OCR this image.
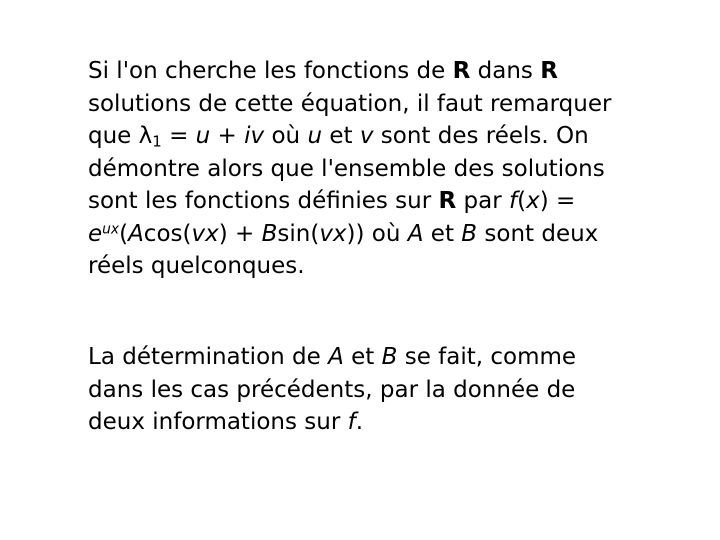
Si l'on cherche les fonctions de R dans R
solutions de cette équation, il faut remarquer
que $\lambda_1 = u$ + iv où u et v sont des réels. On
démontre alors que l'ensemble des solutions
sont les fonctions définies sur R par f(x) =
$e^{ux}(Acos(vx) + Bsin(vx))$ où A et B sont deux
réels quelconques.
La détermination de A et B se fait, comme
dans les cas précédents, par la donnée de
deux informations sur f.
